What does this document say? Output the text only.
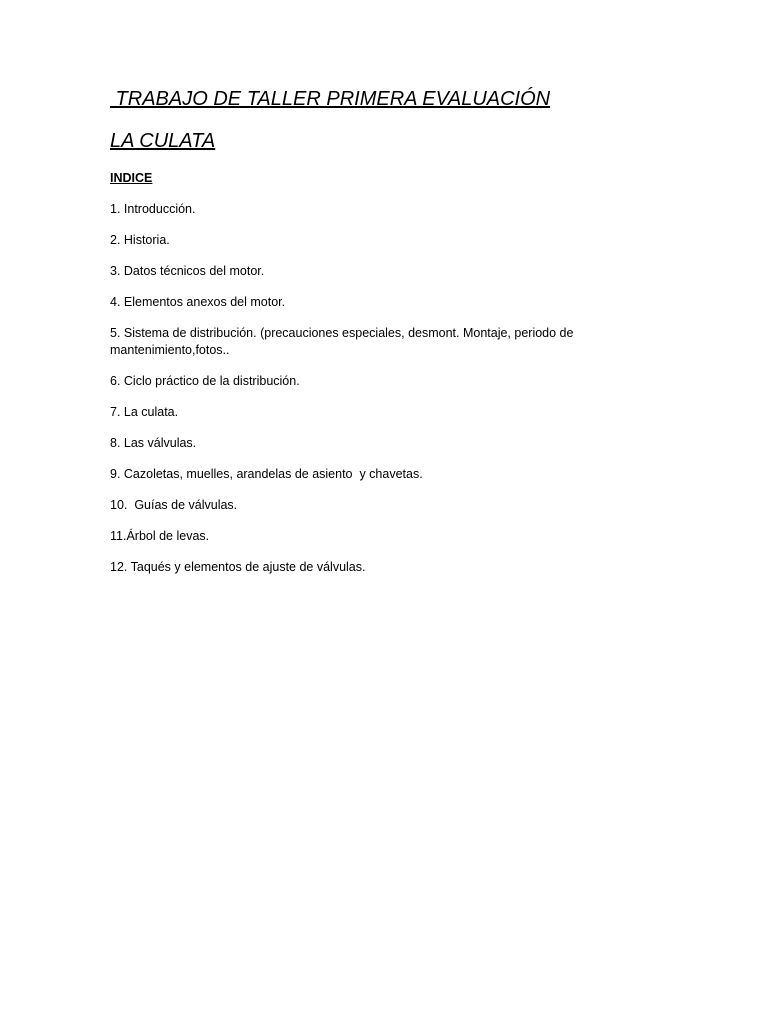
TRABAJO DE TALLER PRIMERA EVALUACIÓN
LA CULATA
INDICE
1. Introducción.
2. Historia.
3. Datos técnicos del motor.
4. Elementos anexos del motor.
5. Sistema de distribución. (precauciones especiales, desmont. Montaje, periodo de mantenimiento,fotos..
6. Ciclo práctico de la distribución.
7. La culata.
8. Las válvulas.
9. Cazoletas, muelles, arandelas de asiento  y chavetas.
10.  Guías de válvulas.
11.Árbol de levas.
12. Taqués y elementos de ajuste de válvulas.
